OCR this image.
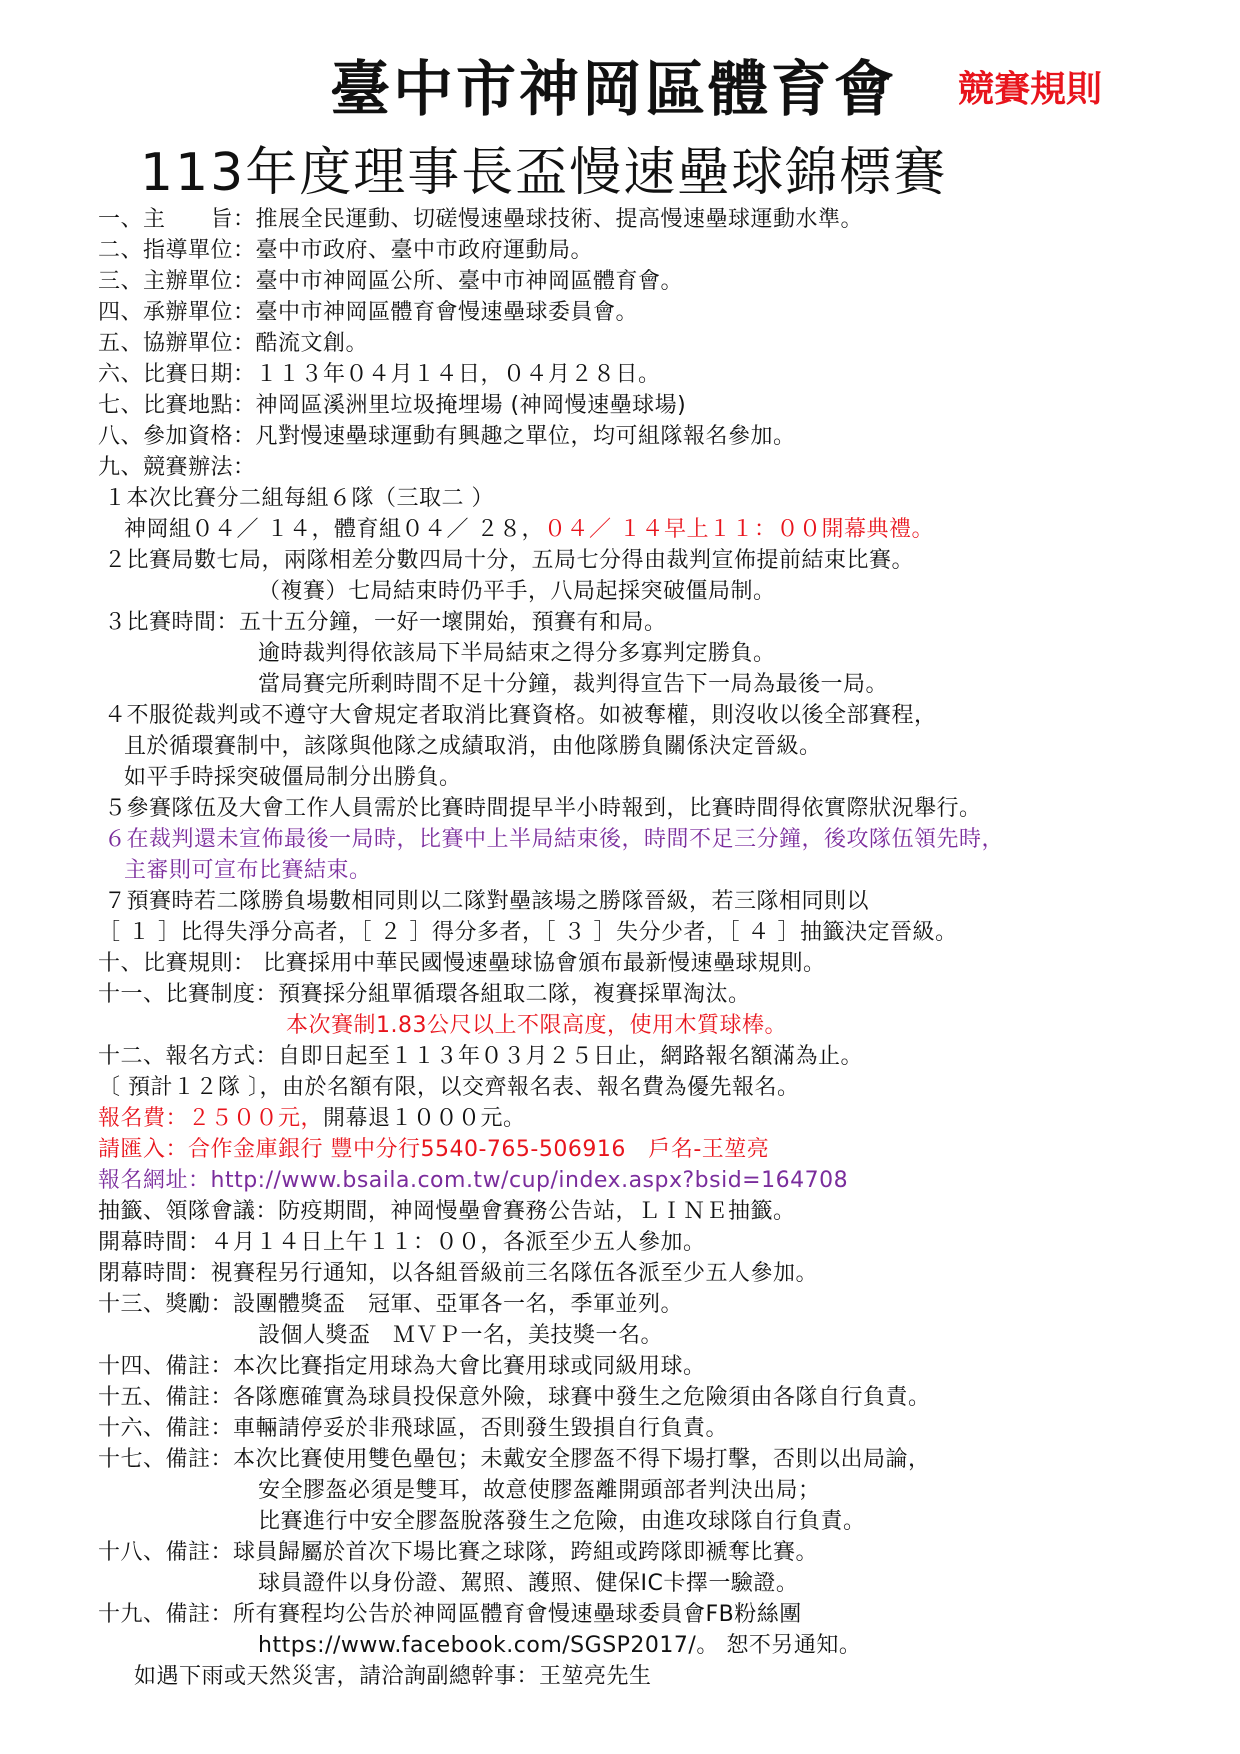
臺中市神岡區體育會 競賽規則
113年度理事長盃慢速壘球錦標賽
一、主　　旨：推展全民運動、切磋慢速壘球技術、提高慢速壘球運動水準。
二、指導單位：臺中市政府、臺中市政府運動局。
三、主辦單位：臺中市神岡區公所、臺中市神岡區體育會。
四、承辦單位：臺中市神岡區體育會慢速壘球委員會。
五、協辦單位：酷流文創。
六、比賽日期：１１３年０４月１４日，０４月２８日。
七、比賽地點：神岡區溪洲里垃圾掩埋場 (神岡慢速壘球場)
八、參加資格：凡對慢速壘球運動有興趣之單位，均可組隊報名參加。
九、競賽辦法：
１本次比賽分二組每組６隊（三取二 ）
神岡組０４／ １４，體育組０４／ ２８，０４／ １４早上１１：００開幕典禮。
２比賽局數七局，兩隊相差分數四局十分，五局七分得由裁判宣佈提前結束比賽。
（複賽）七局結束時仍平手，八局起採突破僵局制。
３比賽時間：五十五分鐘，一好一壞開始，預賽有和局。
逾時裁判得依該局下半局結束之得分多寡判定勝負。
當局賽完所剩時間不足十分鐘，裁判得宣告下一局為最後一局。
４不服從裁判或不遵守大會規定者取消比賽資格。如被奪權，則沒收以後全部賽程，
且於循環賽制中，該隊與他隊之成績取消，由他隊勝負關係決定晉級。
如平手時採突破僵局制分出勝負。
５參賽隊伍及大會工作人員需於比賽時間提早半小時報到，比賽時間得依實際狀況舉行。
６在裁判還未宣佈最後一局時，比賽中上半局結束後，時間不足三分鐘，後攻隊伍領先時，
主審則可宣布比賽結束。
７預賽時若二隊勝負場數相同則以二隊對壘該場之勝隊晉級，若三隊相同則以
［ １ ］比得失淨分高者，［ ２ ］得分多者，［ ３ ］失分少者，［ ４ ］抽籤決定晉級。
十、比賽規則： 比賽採用中華民國慢速壘球協會頒布最新慢速壘球規則。
十一、比賽制度：預賽採分組單循環各組取二隊，複賽採單淘汰。
本次賽制1.83公尺以上不限高度，使用木質球棒。
十二、報名方式：自即日起至１１３年０３月２５日止，網路報名額滿為止。
〔 預計１２隊 〕，由於名額有限，以交齊報名表、報名費為優先報名。
報名費：２５００元，開幕退１０００元。
請匯入：合作金庫銀行 豐中分行5540-765-506916　戶名-王堃亮
報名網址：http://www.bsaila.com.tw/cup/index.aspx?bsid=164708
抽籤、領隊會議：防疫期間，神岡慢壘會賽務公告站，ＬＩＮＥ抽籤。
開幕時間：４月１４日上午１１：００，各派至少五人參加。
閉幕時間：視賽程另行通知，以各組晉級前三名隊伍各派至少五人參加。
十三、獎勵：設團體獎盃　冠軍、亞軍各一名，季軍並列。
設個人獎盃　ＭＶＰ一名，美技獎一名。
十四、備註：本次比賽指定用球為大會比賽用球或同級用球。
十五、備註：各隊應確實為球員投保意外險，球賽中發生之危險須由各隊自行負責。
十六、備註：車輛請停妥於非飛球區，否則發生毀損自行負責。
十七、備註：本次比賽使用雙色壘包；未戴安全膠盔不得下場打擊，否則以出局論，
安全膠盔必須是雙耳，故意使膠盔離開頭部者判決出局；
比賽進行中安全膠盔脫落發生之危險，由進攻球隊自行負責。
十八、備註：球員歸屬於首次下場比賽之球隊，跨組或跨隊即褫奪比賽。
球員證件以身份證、駕照、護照、健保IC卡擇一驗證。
十九、備註：所有賽程均公告於神岡區體育會慢速壘球委員會FB粉絲團
https://www.facebook.com/SGSP2017/。 恕不另通知。
如遇下雨或天然災害，請洽詢副總幹事：王堃亮先生
